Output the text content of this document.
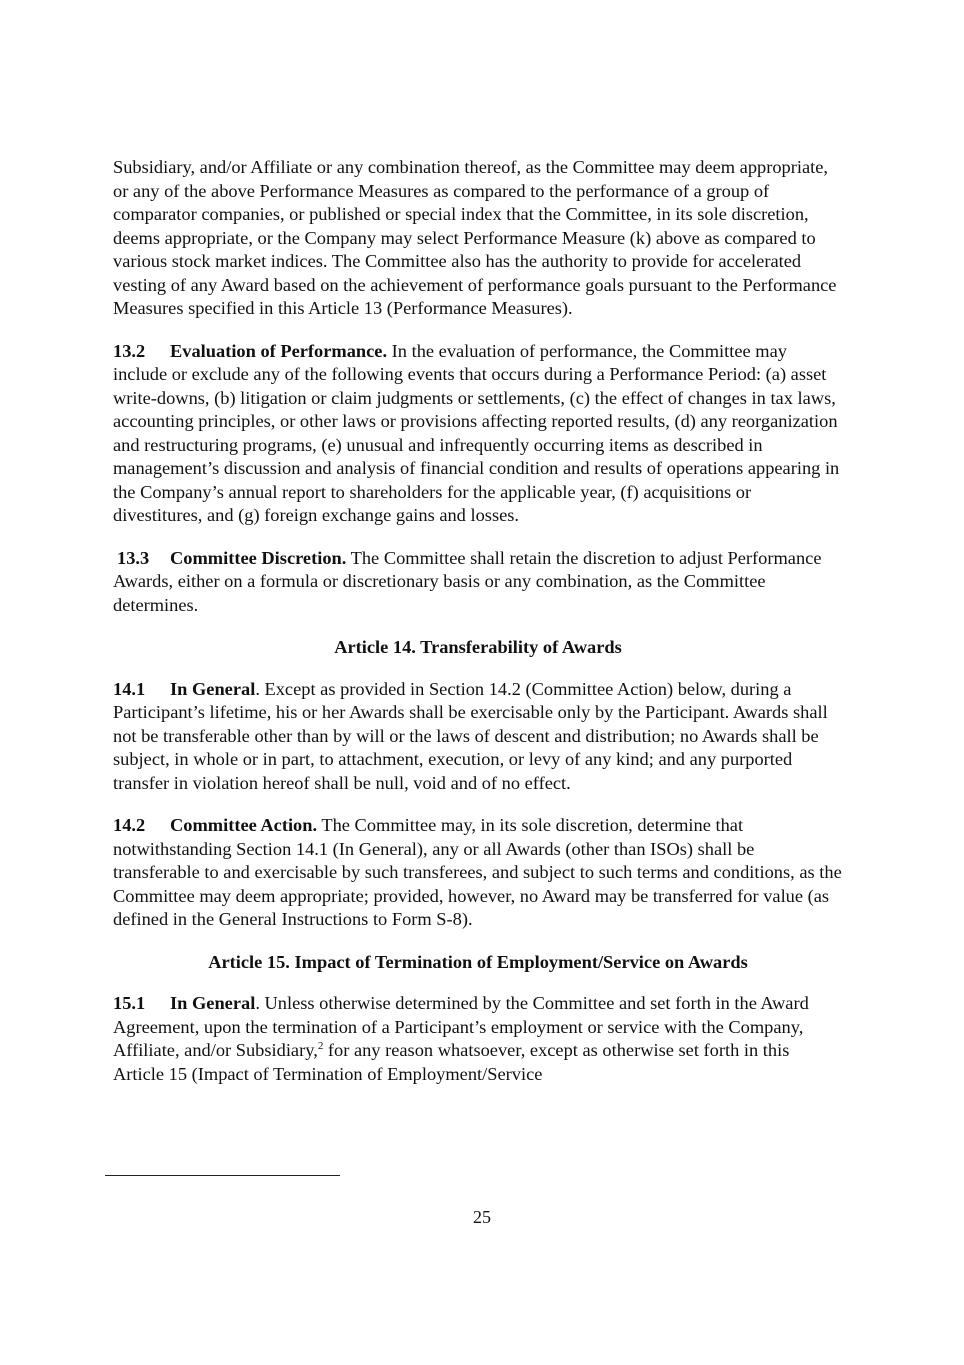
Subsidiary, and/or Affiliate or any combination thereof, as the Committee may deem appropriate, or any of the above Performance Measures as compared to the performance of a group of comparator companies, or published or special index that the Committee, in its sole discretion, deems appropriate, or the Company may select Performance Measure (k) above as compared to various stock market indices. The Committee also has the authority to provide for accelerated vesting of any Award based on the achievement of performance goals pursuant to the Performance Measures specified in this Article 13 (Performance Measures).

13.2 Evaluation of Performance. In the evaluation of performance, the Committee may include or exclude any of the following events that occurs during a Performance Period: (a) asset write-downs, (b) litigation or claim judgments or settlements, (c) the effect of changes in tax laws, accounting principles, or other laws or provisions affecting reported results, (d) any reorganization and restructuring programs, (e) unusual and infrequently occurring items as described in management’s discussion and analysis of financial condition and results of operations appearing in the Company’s annual report to shareholders for the applicable year, (f) acquisitions or divestitures, and (g) foreign exchange gains and losses.

13.3 Committee Discretion. The Committee shall retain the discretion to adjust Performance Awards, either on a formula or discretionary basis or any combination, as the Committee determines.

Article 14. Transferability of Awards

14.1 In General. Except as provided in Section 14.2 (Committee Action) below, during a Participant’s lifetime, his or her Awards shall be exercisable only by the Participant. Awards shall not be transferable other than by will or the laws of descent and distribution; no Awards shall be subject, in whole or in part, to attachment, execution, or levy of any kind; and any purported transfer in violation hereof shall be null, void and of no effect.

14.2 Committee Action. The Committee may, in its sole discretion, determine that notwithstanding Section 14.1 (In General), any or all Awards (other than ISOs) shall be transferable to and exercisable by such transferees, and subject to such terms and conditions, as the Committee may deem appropriate; provided, however, no Award may be transferred for value (as defined in the General Instructions to Form S-8).

Article 15. Impact of Termination of Employment/Service on Awards

15.1 In General. Unless otherwise determined by the Committee and set forth in the Award Agreement, upon the termination of a Participant’s employment or service with the Company, Affiliate, and/or Subsidiary,$^2$ for any reason whatsoever, except as otherwise set forth in this Article 15 (Impact of Termination of Employment/Service

25
